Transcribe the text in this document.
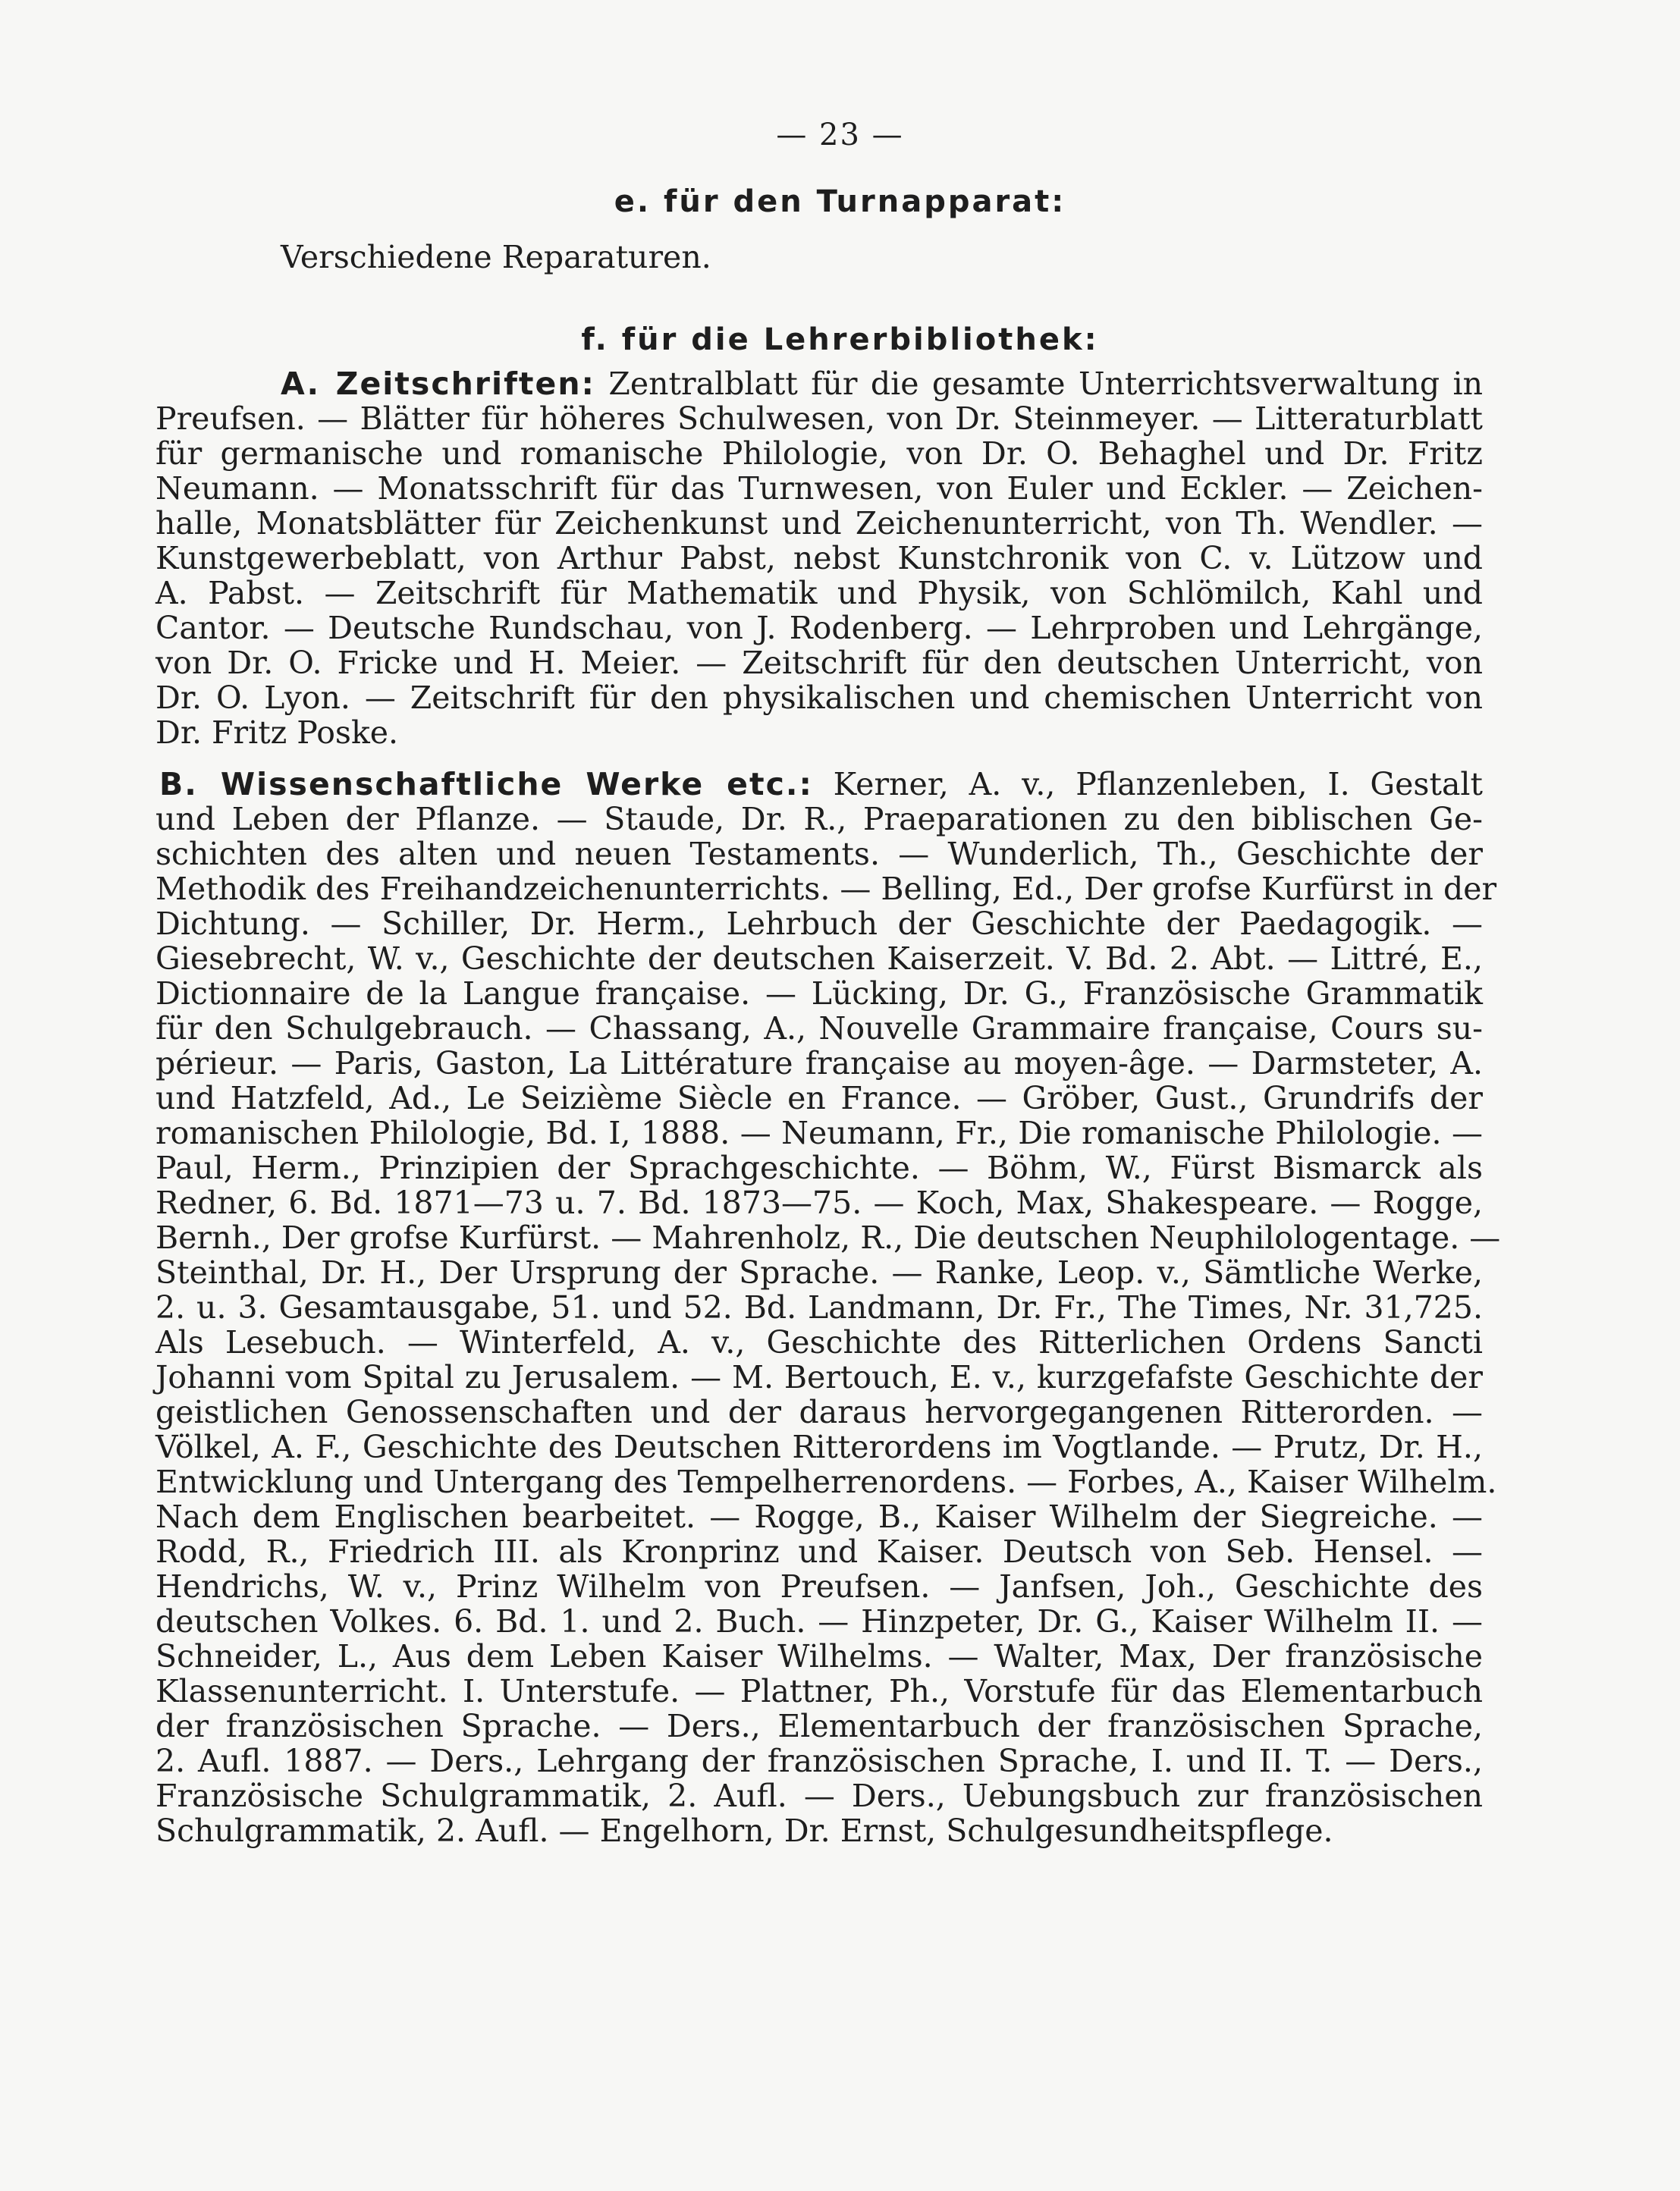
— 23 —
e. für den Turnapparat:
Verschiedene Reparaturen.
f. für die Lehrerbibliothek:
A. Zeitschriften: Zentralblatt für die gesamte Unterrichtsverwaltung in
Preufsen. — Blätter für höheres Schulwesen, von Dr. Steinmeyer. — Litteraturblatt
für germanische und romanische Philologie, von Dr. O. Behaghel und Dr. Fritz
Neumann. — Monatsschrift für das Turnwesen, von Euler und Eckler. — Zeichen-
halle, Monatsblätter für Zeichenkunst und Zeichenunterricht, von Th. Wendler. —
Kunstgewerbeblatt, von Arthur Pabst, nebst Kunstchronik von C. v. Lützow und
A. Pabst. — Zeitschrift für Mathematik und Physik, von Schlömilch, Kahl und
Cantor. — Deutsche Rundschau, von J. Rodenberg. — Lehrproben und Lehrgänge,
von Dr. O. Fricke und H. Meier. — Zeitschrift für den deutschen Unterricht, von
Dr. O. Lyon. — Zeitschrift für den physikalischen und chemischen Unterricht von
Dr. Fritz Poske.
B. Wissenschaftliche Werke etc.: Kerner, A. v., Pflanzenleben, I. Gestalt
und Leben der Pflanze. — Staude, Dr. R., Praeparationen zu den biblischen Ge-
schichten des alten und neuen Testaments. — Wunderlich, Th., Geschichte der
Methodik des Freihandzeichenunterrichts. — Belling, Ed., Der grofse Kurfürst in der
Dichtung. — Schiller, Dr. Herm., Lehrbuch der Geschichte der Paedagogik. —
Giesebrecht, W. v., Geschichte der deutschen Kaiserzeit. V. Bd. 2. Abt. — Littré, E.,
Dictionnaire de la Langue française. — Lücking, Dr. G., Französische Grammatik
für den Schulgebrauch. — Chassang, A., Nouvelle Grammaire française, Cours su-
périeur. — Paris, Gaston, La Littérature française au moyen-âge. — Darmsteter, A.
und Hatzfeld, Ad., Le Seizième Siècle en France. — Gröber, Gust., Grundrifs der
romanischen Philologie, Bd. I, 1888. — Neumann, Fr., Die romanische Philologie. —
Paul, Herm., Prinzipien der Sprachgeschichte. — Böhm, W., Fürst Bismarck als
Redner, 6. Bd. 1871—73 u. 7. Bd. 1873—75. — Koch, Max, Shakespeare. — Rogge,
Bernh., Der grofse Kurfürst. — Mahrenholz, R., Die deutschen Neuphilologentage. —
Steinthal, Dr. H., Der Ursprung der Sprache. — Ranke, Leop. v., Sämtliche Werke,
2. u. 3. Gesamtausgabe, 51. und 52. Bd. Landmann, Dr. Fr., The Times, Nr. 31,725.
Als Lesebuch. — Winterfeld, A. v., Geschichte des Ritterlichen Ordens Sancti
Johanni vom Spital zu Jerusalem. — M. Bertouch, E. v., kurzgefafste Geschichte der
geistlichen Genossenschaften und der daraus hervorgegangenen Ritterorden. —
Völkel, A. F., Geschichte des Deutschen Ritterordens im Vogtlande. — Prutz, Dr. H.,
Entwicklung und Untergang des Tempelherrenordens. — Forbes, A., Kaiser Wilhelm.
Nach dem Englischen bearbeitet. — Rogge, B., Kaiser Wilhelm der Siegreiche. —
Rodd, R., Friedrich III. als Kronprinz und Kaiser. Deutsch von Seb. Hensel. —
Hendrichs, W. v., Prinz Wilhelm von Preufsen. — Janfsen, Joh., Geschichte des
deutschen Volkes. 6. Bd. 1. und 2. Buch. — Hinzpeter, Dr. G., Kaiser Wilhelm II. —
Schneider, L., Aus dem Leben Kaiser Wilhelms. — Walter, Max, Der französische
Klassenunterricht. I. Unterstufe. — Plattner, Ph., Vorstufe für das Elementarbuch
der französischen Sprache. — Ders., Elementarbuch der französischen Sprache,
2. Aufl. 1887. — Ders., Lehrgang der französischen Sprache, I. und II. T. — Ders.,
Französische Schulgrammatik, 2. Aufl. — Ders., Uebungsbuch zur französischen
Schulgrammatik, 2. Aufl. — Engelhorn, Dr. Ernst, Schulgesundheitspflege.
